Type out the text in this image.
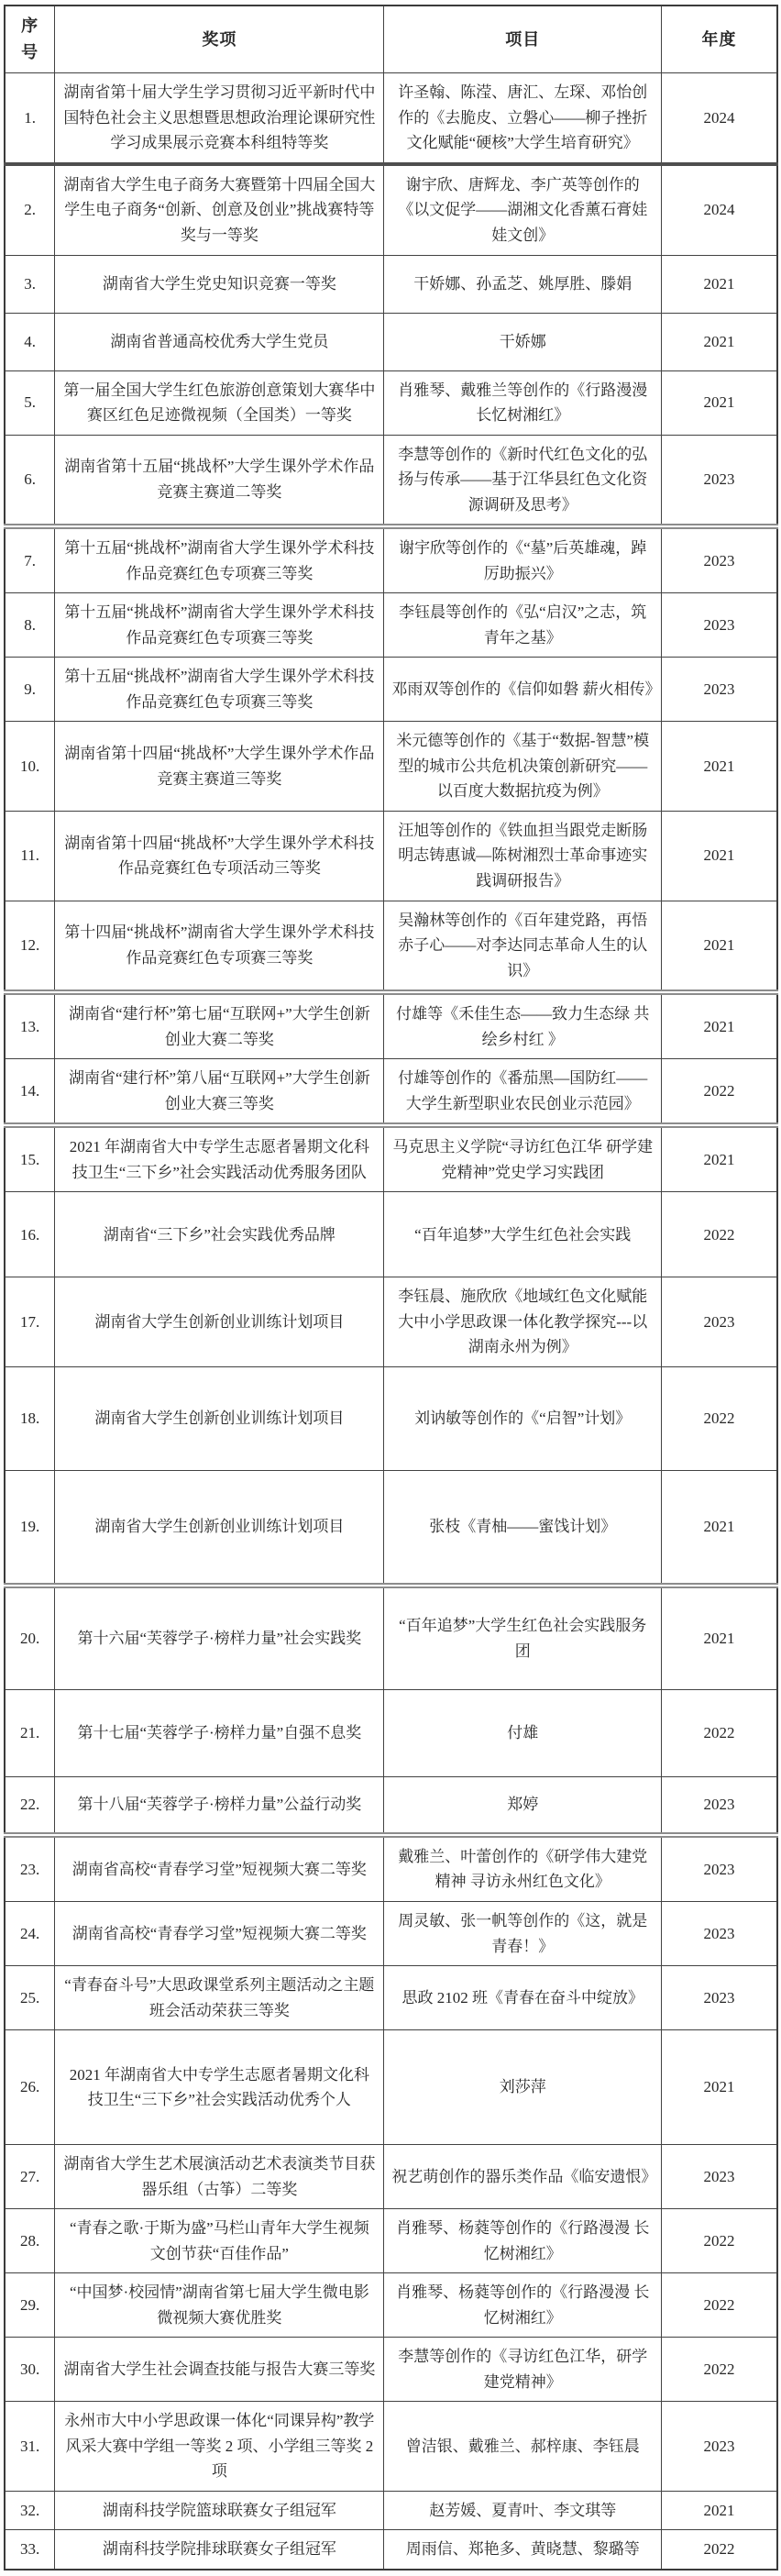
序号	奖项	项目	年度
1.	湖南省第十届大学生学习贯彻习近平新时代中国特色社会主义思想暨思想政治理论课研究性学习成果展示竞赛本科组特等奖	许圣翰、陈滢、唐汇、左琛、邓怡创作的《去脆皮、立磐心——柳子挫折文化赋能“硬核”大学生培育研究》	2024
2.	湖南省大学生电子商务大赛暨第十四届全国大学生电子商务“创新、创意及创业”挑战赛特等奖与一等奖	谢宇欣、唐辉龙、李广英等创作的《以文促学——湖湘文化香薰石膏娃娃文创》	2024
3.	湖南省大学生党史知识竞赛一等奖	干娇娜、孙孟芝、姚厚胜、滕娟	2021
4.	湖南省普通高校优秀大学生党员	干娇娜	2021
5.	第一届全国大学生红色旅游创意策划大赛华中赛区红色足迹微视频（全国类）一等奖	肖雅琴、戴雅兰等创作的《行路漫漫 长忆树湘红》	2021
6.	湖南省第十五届“挑战杯”大学生课外学术作品竞赛主赛道二等奖	李慧等创作的《新时代红色文化的弘扬与传承——基于江华县红色文化资源调研及思考》	2023
7.	第十五届“挑战杯”湖南省大学生课外学术科技作品竞赛红色专项赛三等奖	谢宇欣等创作的《“墓”后英雄魂，踔厉助振兴》	2023
8.	第十五届“挑战杯”湖南省大学生课外学术科技作品竞赛红色专项赛三等奖	李钰晨等创作的《弘“启汉”之志，筑青年之基》	2023
9.	第十五届“挑战杯”湖南省大学生课外学术科技作品竞赛红色专项赛三等奖	邓雨双等创作的《信仰如磐 薪火相传》	2023
10.	湖南省第十四届“挑战杯”大学生课外学术作品竞赛主赛道三等奖	米元德等创作的《基于“数据-智慧”模型的城市公共危机决策创新研究——以百度大数据抗疫为例》	2021
11.	湖南省第十四届“挑战杯”大学生课外学术科技作品竞赛红色专项活动三等奖	汪旭等创作的《铁血担当跟党走断肠明志铸惠诚—陈树湘烈士革命事迹实践调研报告》	2021
12.	第十四届“挑战杯”湖南省大学生课外学术科技作品竞赛红色专项赛三等奖	吴瀚林等创作的《百年建党路，再悟赤子心——对李达同志革命人生的认识》	2021
13.	湖南省“建行杯”第七届“互联网+”大学生创新创业大赛二等奖	付雄等《禾佳生态——致力生态绿 共绘乡村红 》	2021
14.	湖南省“建行杯”第八届“互联网+”大学生创新创业大赛三等奖	付雄等创作的《番茄黑—国防红——大学生新型职业农民创业示范园》	2022
15.	2021 年湖南省大中专学生志愿者暑期文化科技卫生“三下乡”社会实践活动优秀服务团队	马克思主义学院“寻访红色江华 研学建党精神”党史学习实践团	2021
16.	湖南省“三下乡”社会实践优秀品牌	“百年追梦”大学生红色社会实践	2022
17.	湖南省大学生创新创业训练计划项目	李钰晨、施欣欣《地域红色文化赋能大中小学思政课一体化教学探究---以湖南永州为例》	2023
18.	湖南省大学生创新创业训练计划项目	刘讷敏等创作的《“启智”计划》	2022
19.	湖南省大学生创新创业训练计划项目	张枝《青柚——蜜饯计划》	2021
20.	第十六届“芙蓉学子·榜样力量”社会实践奖	“百年追梦”大学生红色社会实践服务团	2021
21.	第十七届“芙蓉学子·榜样力量”自强不息奖	付雄	2022
22.	第十八届“芙蓉学子·榜样力量”公益行动奖	郑婷	2023
23.	湖南省高校“青春学习堂”短视频大赛二等奖	戴雅兰、叶蕾创作的《研学伟大建党精神 寻访永州红色文化》	2023
24.	湖南省高校“青春学习堂”短视频大赛二等奖	周灵敏、张一帆等创作的《这，就是青春！》	2023
25.	“青春奋斗号”大思政课堂系列主题活动之主题班会活动荣获三等奖	思政 2102 班《青春在奋斗中绽放》	2023
26.	2021 年湖南省大中专学生志愿者暑期文化科技卫生“三下乡”社会实践活动优秀个人	刘莎萍	2021
27.	湖南省大学生艺术展演活动艺术表演类节目获器乐组（古筝）二等奖	祝艺萌创作的器乐类作品《临安遗恨》	2023
28.	“青春之歌·于斯为盛”马栏山青年大学生视频文创节获“百佳作品”	肖雅琴、杨蕤等创作的《行路漫漫 长忆树湘红》	2022
29.	“中国梦·校园情”湖南省第七届大学生微电影微视频大赛优胜奖	肖雅琴、杨蕤等创作的《行路漫漫 长忆树湘红》	2022
30.	湖南省大学生社会调查技能与报告大赛三等奖	李慧等创作的《寻访红色江华，研学建党精神》	2022
31.	永州市大中小学思政课一体化“同课异构”教学风采大赛中学组一等奖 2 项、小学组三等奖 2 项	曾洁银、戴雅兰、郝梓康、李钰晨	2023
32.	湖南科技学院篮球联赛女子组冠军	赵芳媛、夏青叶、李文琪等	2021
33.	湖南科技学院排球联赛女子组冠军	周雨信、郑艳多、黄晓慧、黎璐等	2022
